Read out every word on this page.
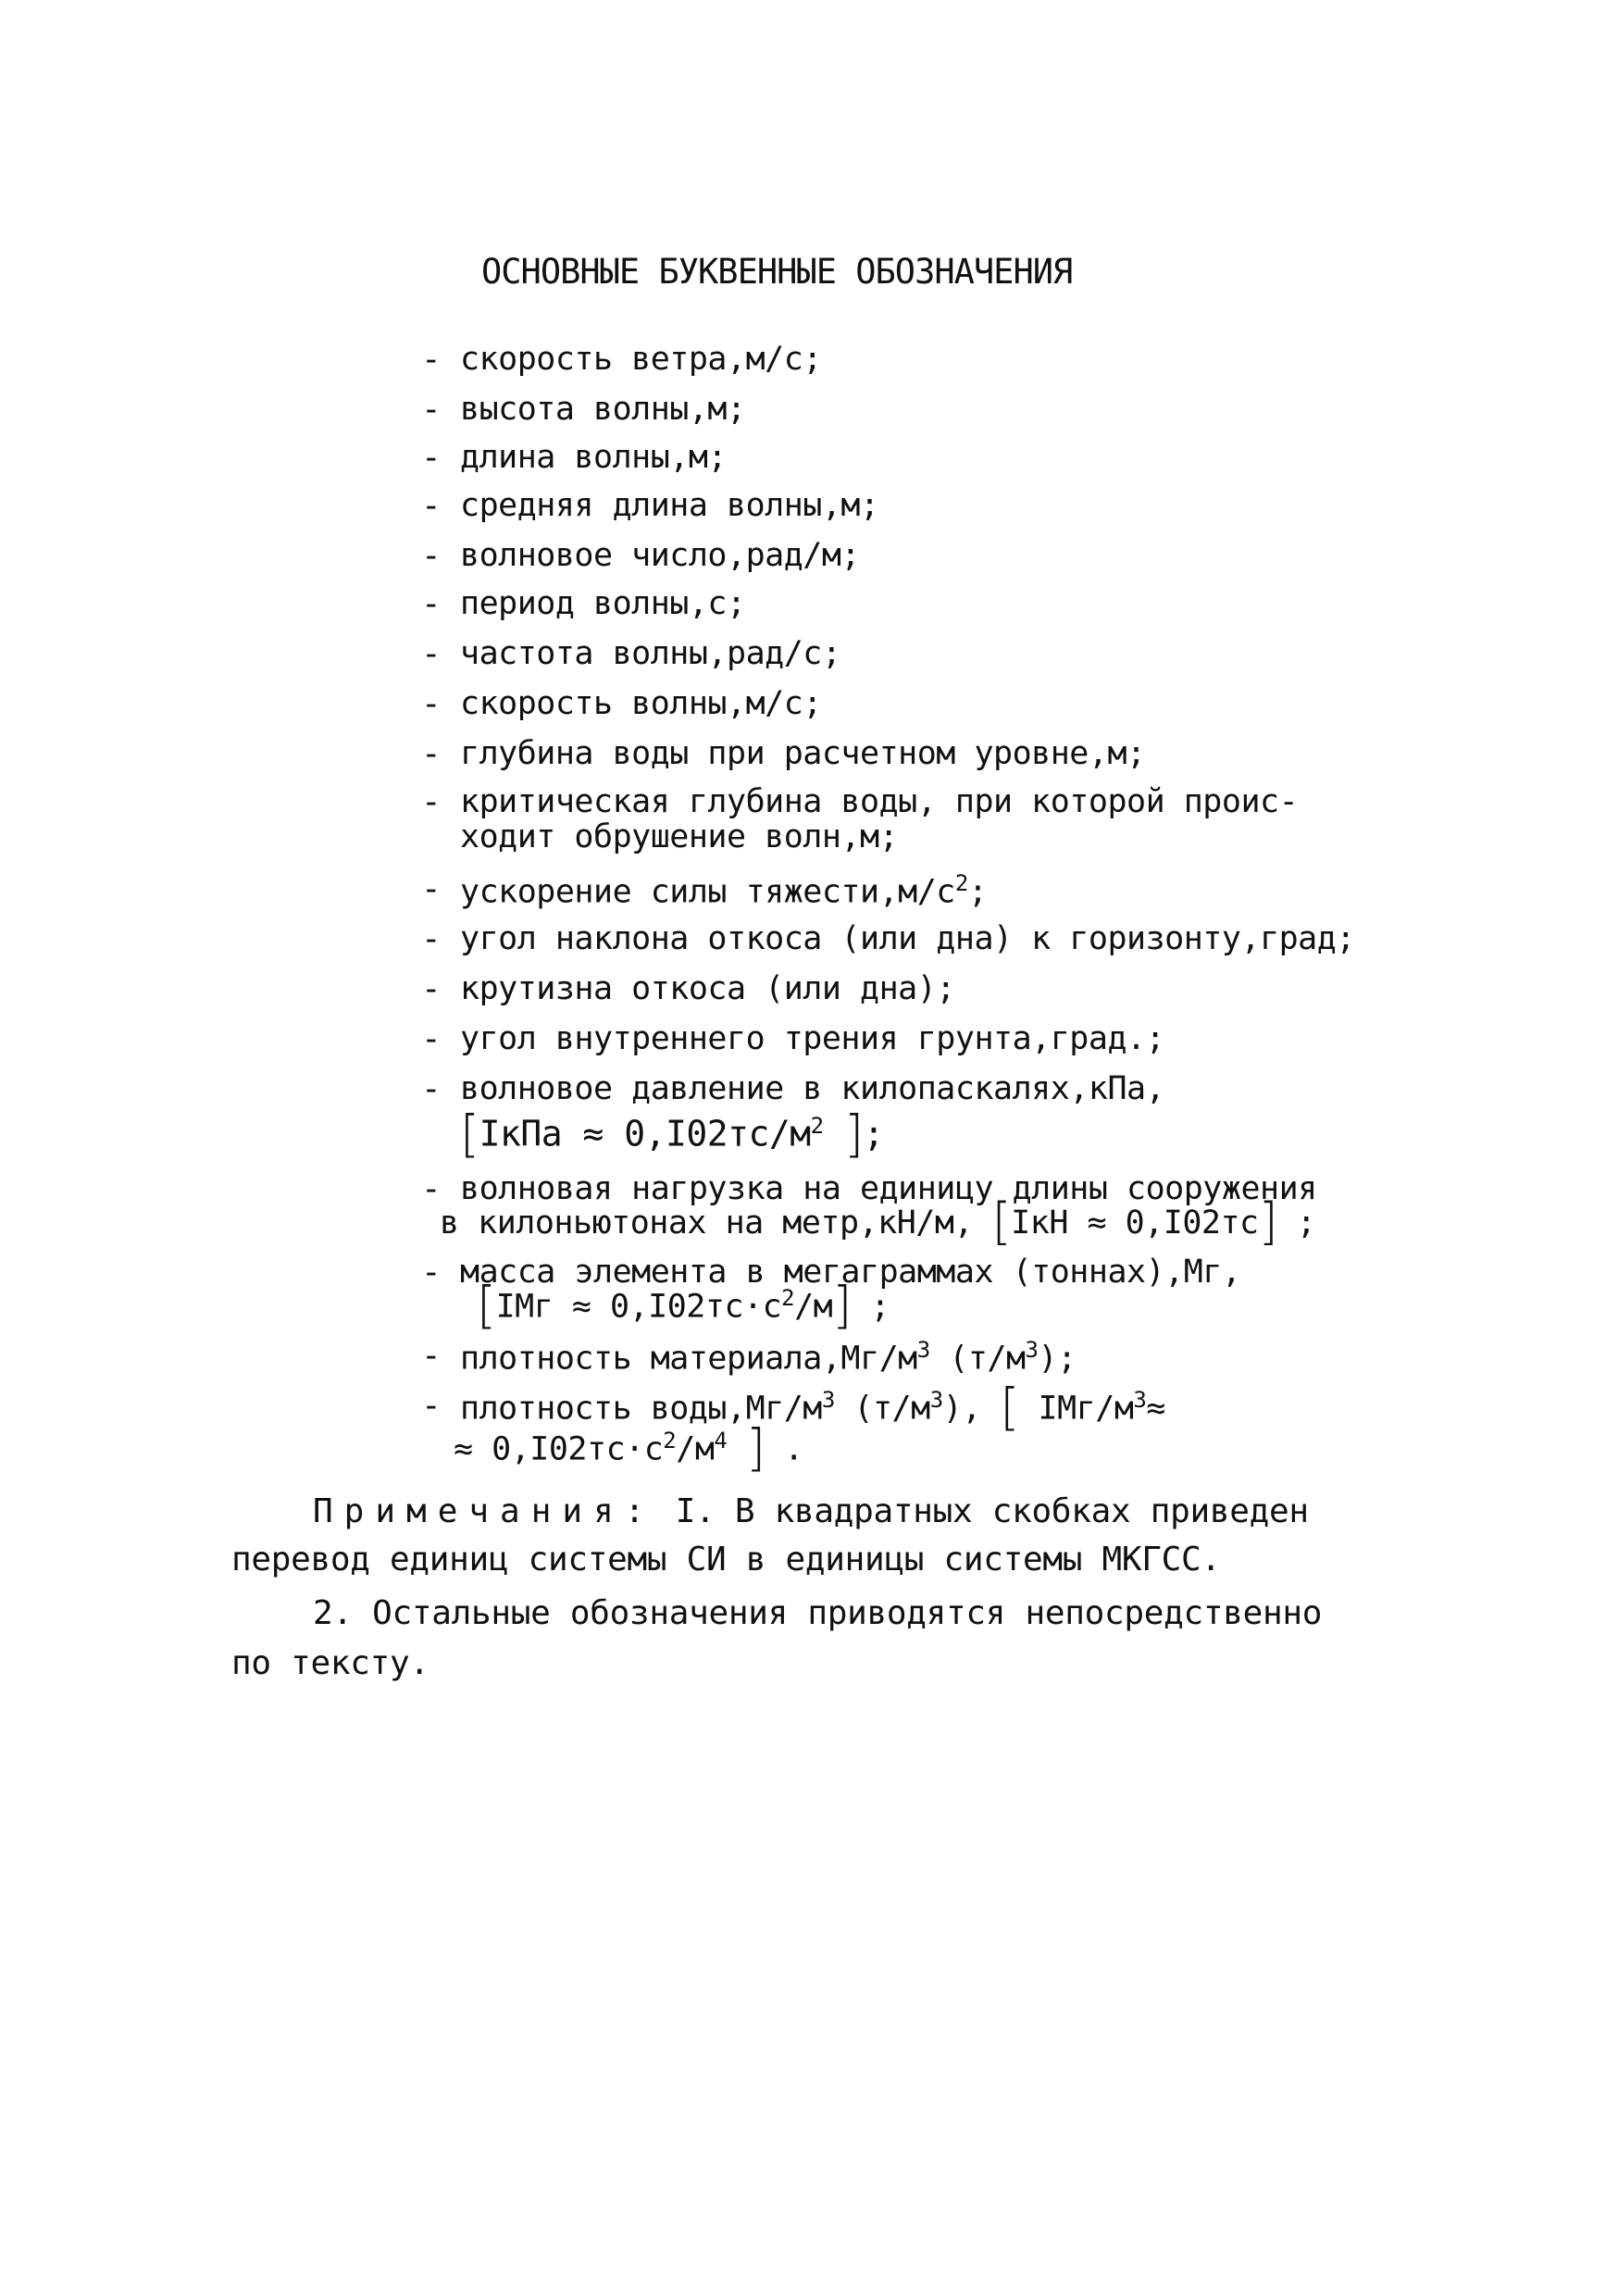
ОСНОВНЫЕ БУКВЕННЫЕ ОБОЗНАЧЕНИЯ
- скорость ветра,м/с;
- высота волны,м;
- длина волны,м;
- средняя длина волны,м;
- волновое число,рад/м;
- период волны,с;
- частота волны,рад/с;
- скорость волны,м/с;
- глубина воды при расчетном уровне,м;
- критическая глубина воды, при которой проис-
ходит обрушение волн,м;
- ускорение силы $тяжести,м/с^2$;
- угол наклона откоса (или дна) к горизонту,град;
- крутизна откоса (или дна);
- угол внутреннего трения грунта,град.;
- волновое давление в килопаскалях,кПа,
[IкПа ≈ $0,I02тс/м^2$ ];
- волновая нагрузка на единицу длины сооружения
в килоньютонах на метр,кН/м, [IкН ≈ 0,I02тс] ;
- масса элемента в мегаграммах (тоннах),Мг,
$[IМг \approx 0,I02тс\cdot с^2/м]$ ;
- плотность $материала,Мг/м^3$ $(т/м^3)$;
- плотность $воды,Мг/м^3$ $(т/м^3)$, [ IМг/$м^3\approx$
≈ $0,I02тс\cdot с^2/м^4$ ] .
Примечания: I. В квадратных скобках приведен
перевод единиц системы СИ в единицы системы МКГСС.
2. Остальные обозначения приводятся непосредственно
по тексту.
